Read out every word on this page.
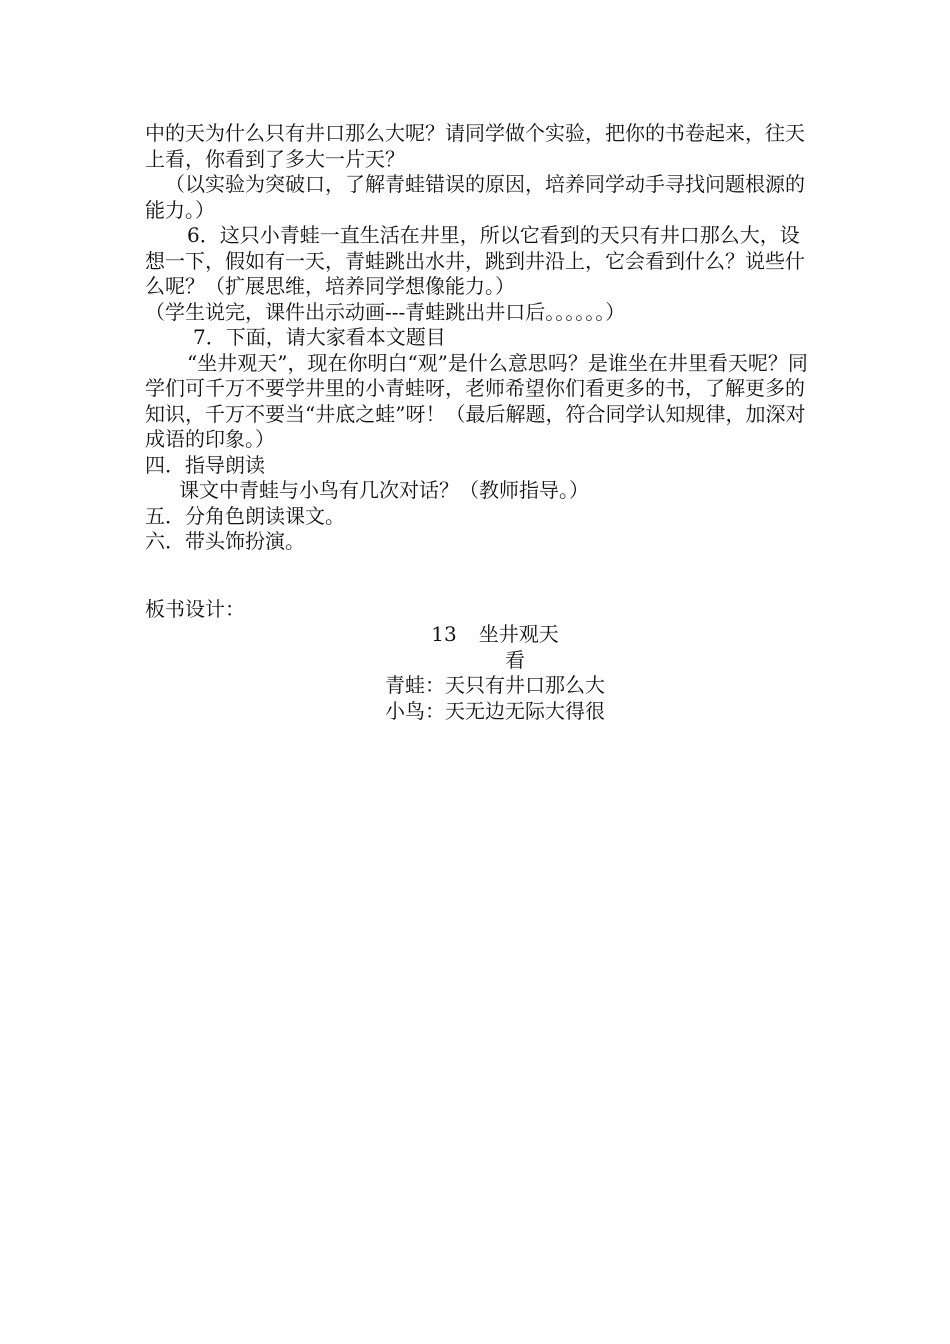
中的天为什么只有井口那么大呢？请同学做个实验，把你的书卷起来，往天上看，你看到了多大一片天？

（以实验为突破口，了解青蛙错误的原因，培养同学动手寻找问题根源的能力。）

6．这只小青蛙一直生活在井里，所以它看到的天只有井口那么大，设想一下，假如有一天，青蛙跳出水井，跳到井沿上，它会看到什么？说些什么呢？（扩展思维，培养同学想像能力。）

（学生说完，课件出示动画---青蛙跳出井口后。。。。。。）

7．下面，请大家看本文题目

“坐井观天”，现在你明白“观”是什么意思吗？是谁坐在井里看天呢？同学们可千万不要学井里的小青蛙呀，老师希望你们看更多的书，了解更多的知识，千万不要当“井底之蛙”呀！（最后解题，符合同学认知规律，加深对成语的印象。）

四．指导朗读

课文中青蛙与小鸟有几次对话？（教师指导。）

五．分角色朗读课文。

六．带头饰扮演。

板书设计：

13 坐井观天
看
青蛙：天只有井口那么大
小鸟：天无边无际大得很
